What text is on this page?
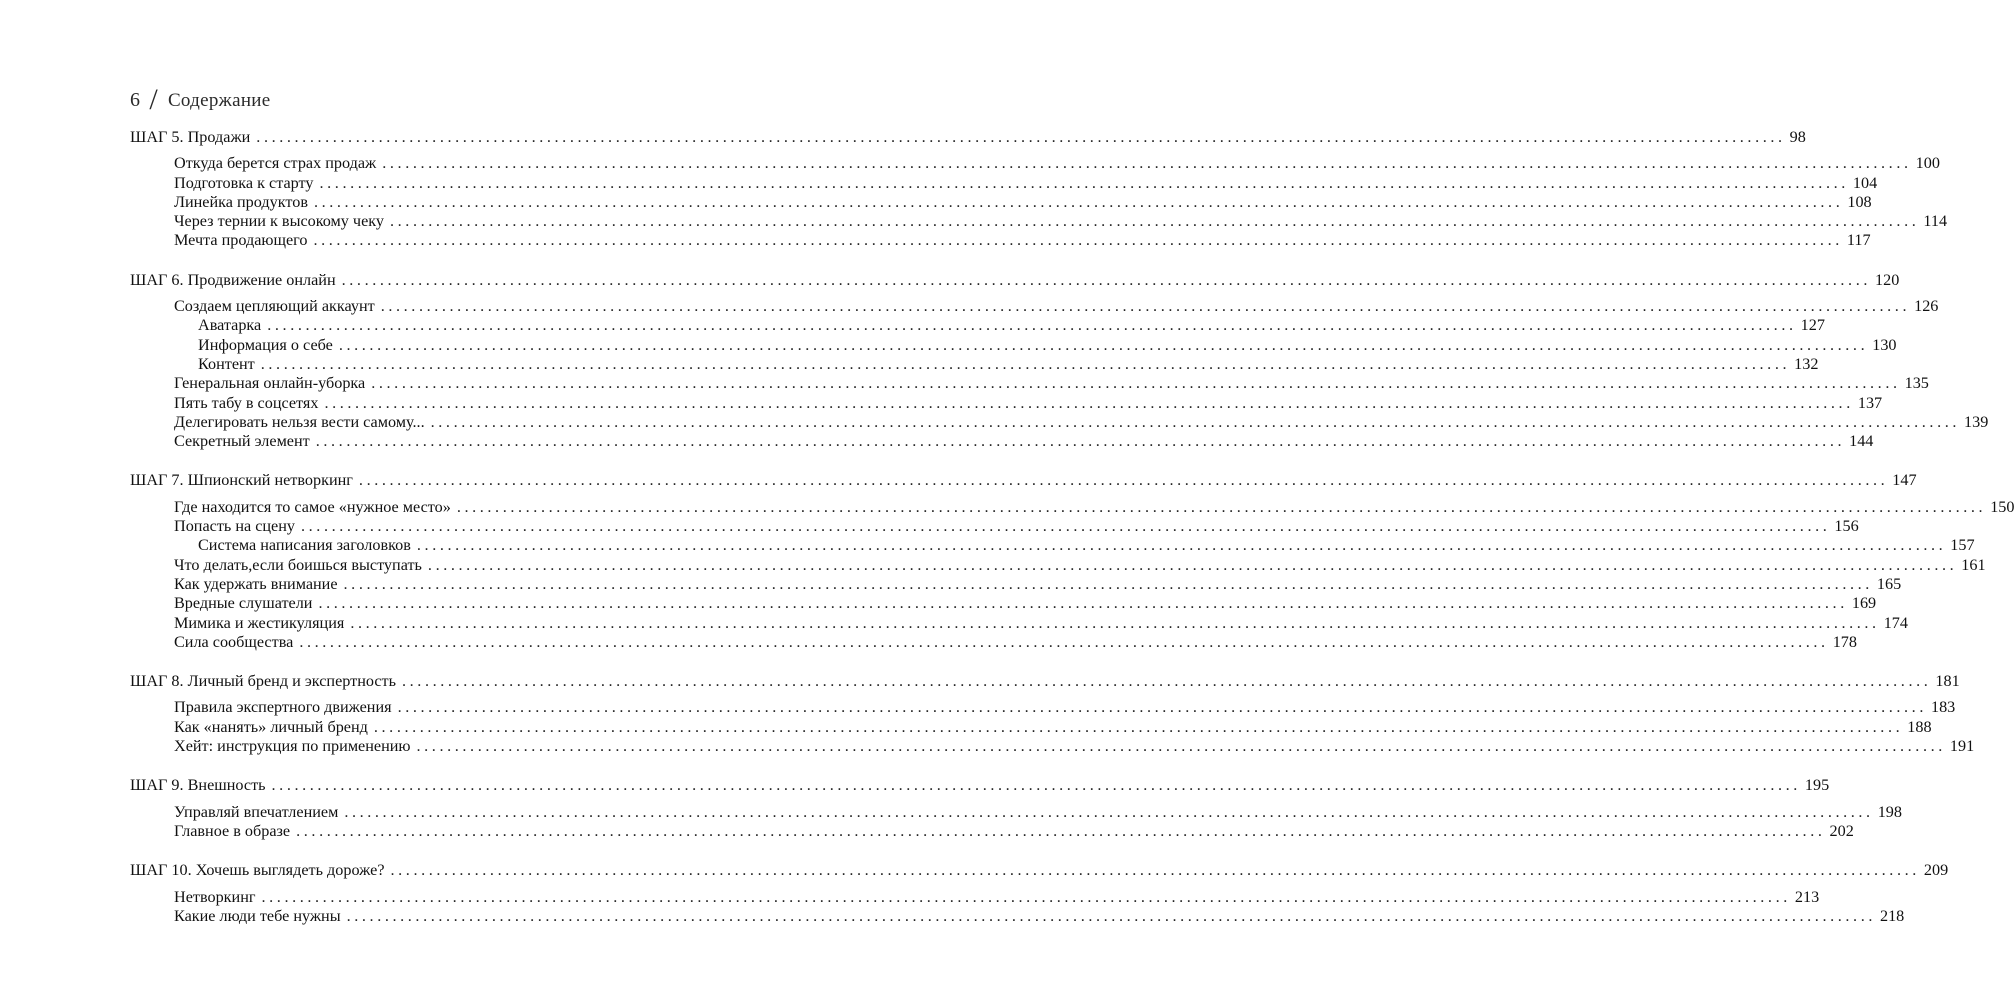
6 / Содержание
ШАГ 5. Продажи ........................................................................................................................................................................................................ 98
Откуда берется страх продаж ........................................................................................................................................................................................................ 100
Подготовка к старту ........................................................................................................................................................................................................ 104
Линейка продуктов ........................................................................................................................................................................................................ 108
Через тернии к высокому чеку ........................................................................................................................................................................................................ 114
Мечта продающего ........................................................................................................................................................................................................ 117
ШАГ 6. Продвижение онлайн ........................................................................................................................................................................................................ 120
Создаем цепляющий аккаунт ........................................................................................................................................................................................................ 126
Аватарка ........................................................................................................................................................................................................ 127
Информация о себе ........................................................................................................................................................................................................ 130
Контент ........................................................................................................................................................................................................ 132
Генеральная онлайн-уборка ........................................................................................................................................................................................................ 135
Пять табу в соцсетях ........................................................................................................................................................................................................ 137
Делегировать нельзя вести самому... ........................................................................................................................................................................................................ 139
Секретный элемент ........................................................................................................................................................................................................ 144
ШАГ 7. Шпионский нетворкинг ........................................................................................................................................................................................................ 147
Где находится то самое «нужное место» ........................................................................................................................................................................................................ 150
Попасть на сцену ........................................................................................................................................................................................................ 156
Система написания заголовков ........................................................................................................................................................................................................ 157
Что делать,если боишься выступать ........................................................................................................................................................................................................ 161
Как удержать внимание ........................................................................................................................................................................................................ 165
Вредные слушатели ........................................................................................................................................................................................................ 169
Мимика и жестикуляция ........................................................................................................................................................................................................ 174
Сила сообщества ........................................................................................................................................................................................................ 178
ШАГ 8. Личный бренд и экспертность ........................................................................................................................................................................................................ 181
Правила экспертного движения ........................................................................................................................................................................................................ 183
Как «нанять» личный бренд ........................................................................................................................................................................................................ 188
Хейт: инструкция по применению ........................................................................................................................................................................................................ 191
ШАГ 9. Внешность ........................................................................................................................................................................................................ 195
Управляй впечатлением ........................................................................................................................................................................................................ 198
Главное в образе ........................................................................................................................................................................................................ 202
ШАГ 10. Хочешь выглядеть дороже? ........................................................................................................................................................................................................ 209
Нетворкинг ........................................................................................................................................................................................................ 213
Какие люди тебе нужны ........................................................................................................................................................................................................ 218
